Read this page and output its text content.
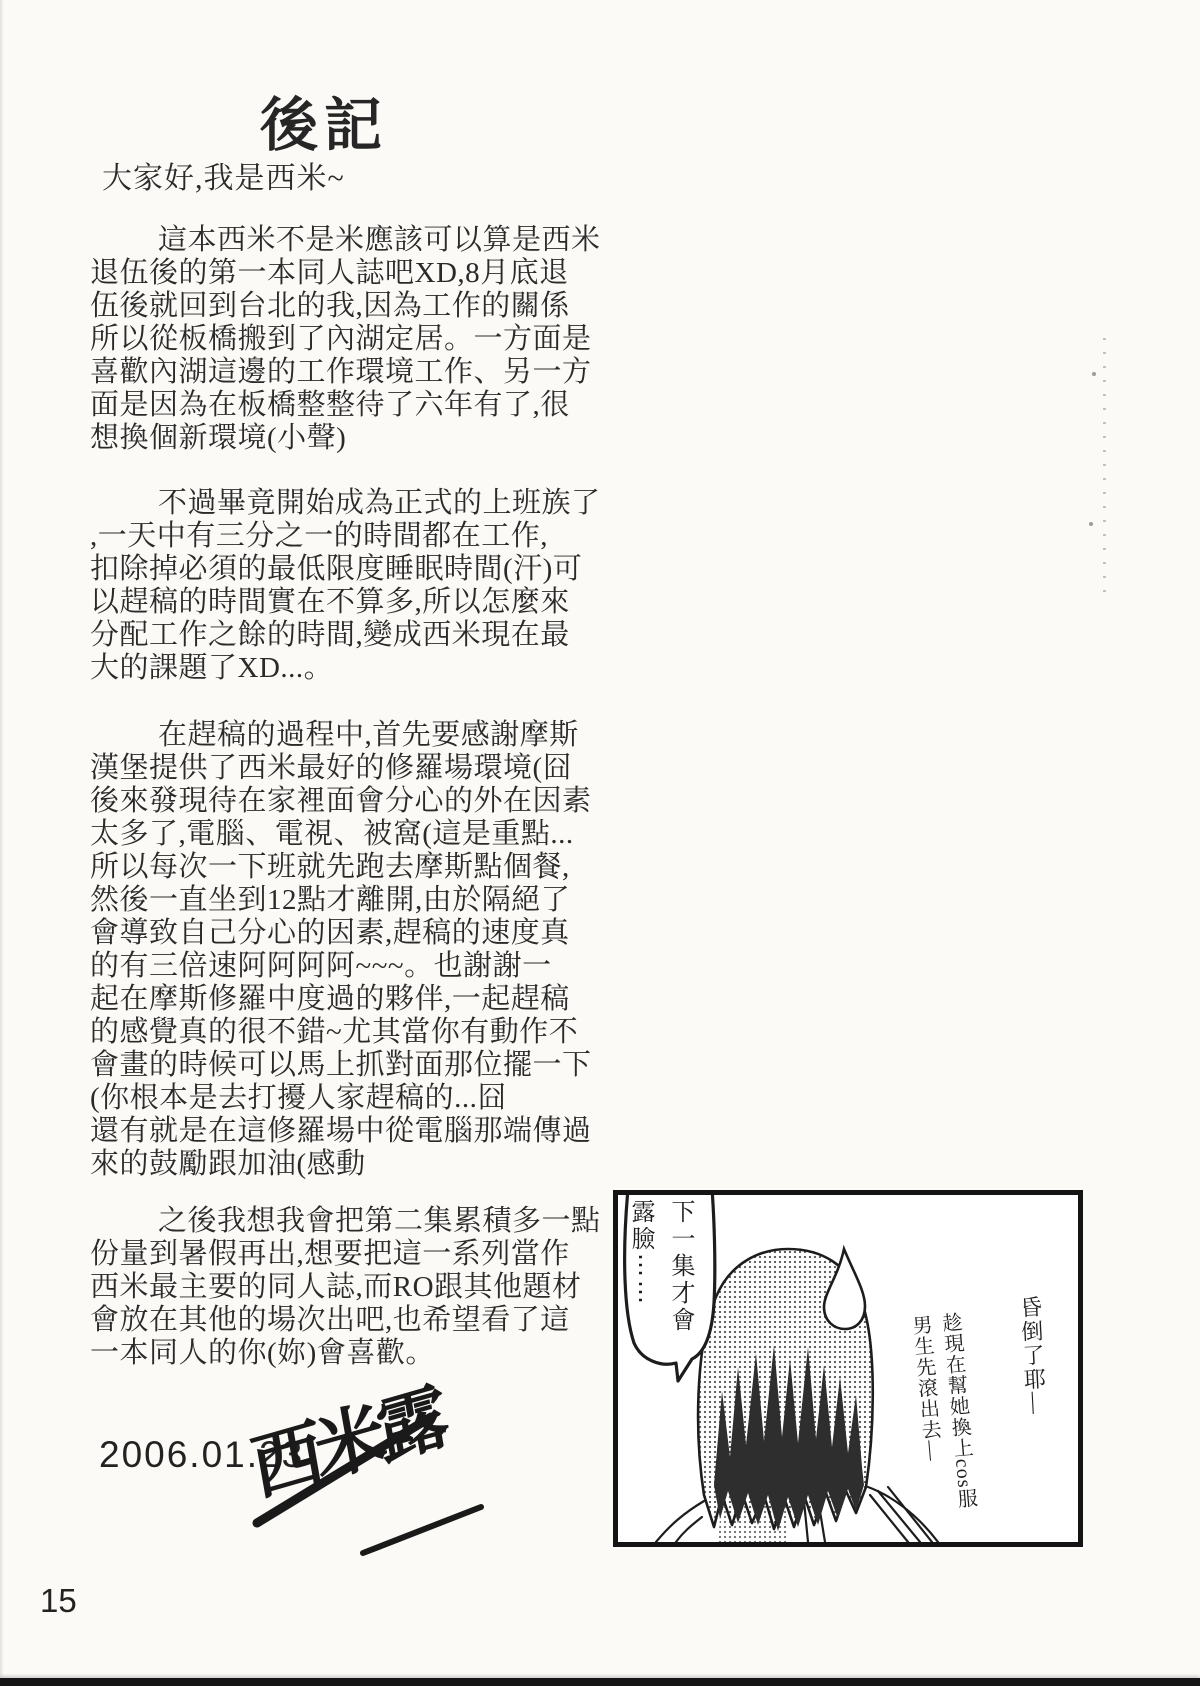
後記
大家好,我是西米~
這本西米不是米應該可以算是西米
退伍後的第一本同人誌吧XD,8月底退
伍後就回到台北的我,因為工作的關係
所以從板橋搬到了內湖定居。一方面是
喜歡內湖這邊的工作環境工作、另一方
面是因為在板橋整整待了六年有了,很
想換個新環境(小聲)
不過畢竟開始成為正式的上班族了
,一天中有三分之一的時間都在工作,
扣除掉必須的最低限度睡眠時間(汗)可
以趕稿的時間實在不算多,所以怎麼來
分配工作之餘的時間,變成西米現在最
大的課題了XD...。
在趕稿的過程中,首先要感謝摩斯
漢堡提供了西米最好的修羅場環境(囧
後來發現待在家裡面會分心的外在因素
太多了,電腦、電視、被窩(這是重點...
所以每次一下班就先跑去摩斯點個餐,
然後一直坐到12點才離開,由於隔絕了
會導致自己分心的因素,趕稿的速度真
的有三倍速阿阿阿阿~~~。也謝謝一
起在摩斯修羅中度過的夥伴,一起趕稿
的感覺真的很不錯~尤其當你有動作不
會畫的時候可以馬上抓對面那位擺一下
(你根本是去打擾人家趕稿的...囧
還有就是在這修羅場中從電腦那端傳過
來的鼓勵跟加油(感動
之後我想我會把第二集累積多一點
份量到暑假再出,想要把這一系列當作
西米最主要的同人誌,而RO跟其他題材
會放在其他的場次出吧,也希望看了這
一本同人的你(妳)會喜歡。
2006.01.23
西米露
15
下一集才會
露臉⋯⋯
昏倒了耶—
趁現在幫她換上cos服
男生先滾出去—
